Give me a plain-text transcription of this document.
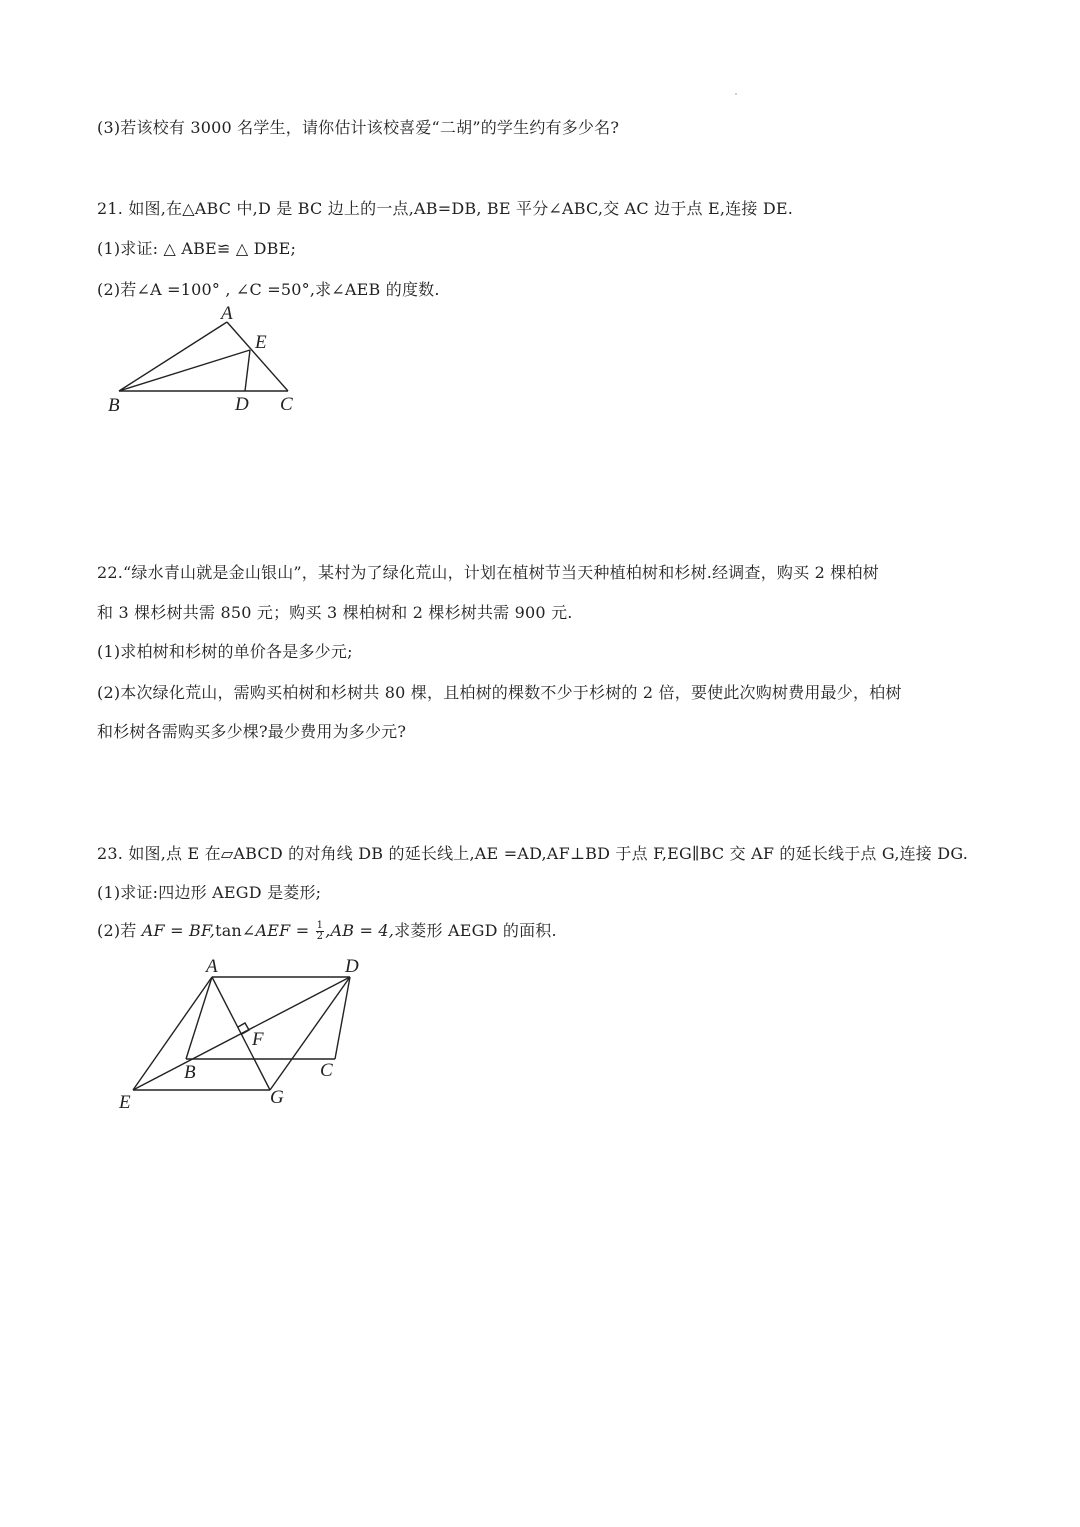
(3)若该校有 3000 名学生，请你估计该校喜爱“二胡”的学生约有多少名?
21. 如图,在△ABC 中,D 是 BC 边上的一点,AB=DB, BE 平分∠ABC,交 AC 边于点 E,连接 DE.
(1)求证: △ ABE≌ △ DBE;
(2)若∠A =100° , ∠C =50°,求∠AEB 的度数.
A
E
B	D C
22.“绿水青山就是金山银山”，某村为了绿化荒山，计划在植树节当天种植柏树和杉树.经调查，购买 2 棵柏树
和 3 棵杉树共需 850 元；购买 3 棵柏树和 2 棵杉树共需 900 元.
(1)求柏树和杉树的单价各是多少元;
(2)本次绿化荒山，需购买柏树和杉树共 80 棵，且柏树的棵数不少于杉树的 2 倍，要使此次购树费用最少，柏树
和杉树各需购买多少棵?最少费用为多少元?
23. 如图,点 E 在▱ABCD 的对角线 DB 的延长线上,AE =AD,AF⊥BD 于点 F,EG∥BC 交 AF 的延长线于点 G,连接 DG.
(1)求证:四边形 AEGD 是菱形;
(2)若 AF = BF,tan∠AEF = $\frac{1}{2} ,AB = 4$,求菱形 AEGD 的面积.
A	D
F
B	C
E	G
